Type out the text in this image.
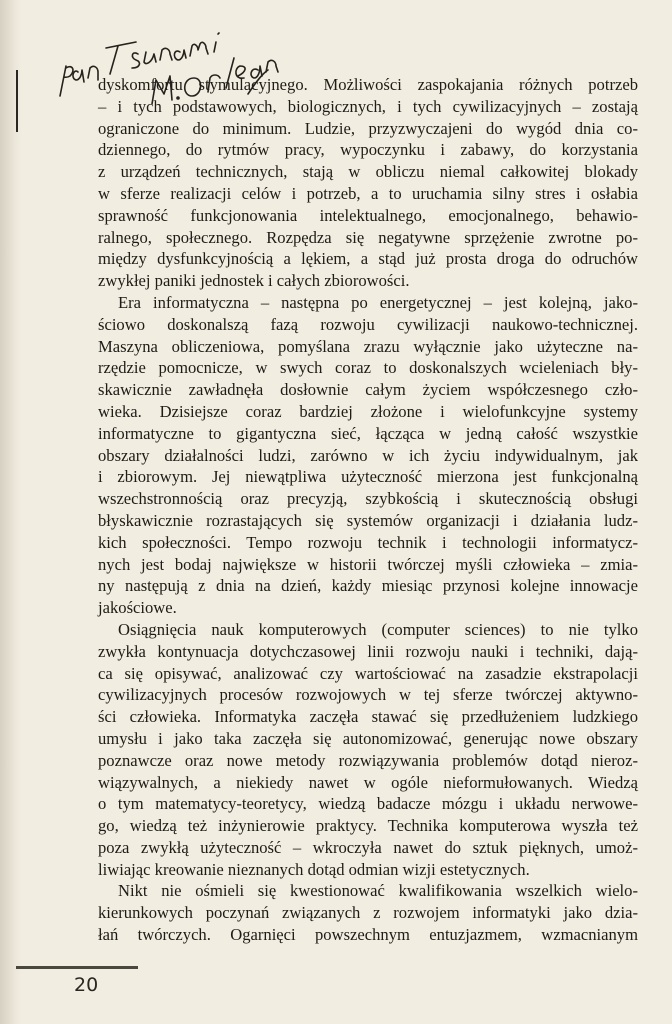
dyskomfortu stymulacyjnego. Możliwości zaspokajania różnych potrzeb
– i tych podstawowych, biologicznych, i tych cywilizacyjnych – zostają
ograniczone do minimum. Ludzie, przyzwyczajeni do wygód dnia co-
dziennego, do rytmów pracy, wypoczynku i zabawy, do korzystania
z urządzeń technicznych, stają w obliczu niemal całkowitej blokady
w sferze realizacji celów i potrzeb, a to uruchamia silny stres i osłabia
sprawność funkcjonowania intelektualnego, emocjonalnego, behawio-
ralnego, społecznego. Rozpędza się negatywne sprzężenie zwrotne po-
między dysfunkcyjnością a lękiem, a stąd już prosta droga do odruchów
zwykłej paniki jednostek i całych zbiorowości.
Era informatyczna – następna po energetycznej – jest kolejną, jako-
ściowo doskonalszą fazą rozwoju cywilizacji naukowo-technicznej.
Maszyna obliczeniowa, pomyślana zrazu wyłącznie jako użyteczne na-
rzędzie pomocnicze, w swych coraz to doskonalszych wcieleniach bły-
skawicznie zawładnęła dosłownie całym życiem współczesnego czło-
wieka. Dzisiejsze coraz bardziej złożone i wielofunkcyjne systemy
informatyczne to gigantyczna sieć, łącząca w jedną całość wszystkie
obszary działalności ludzi, zarówno w ich życiu indywidualnym, jak
i zbiorowym. Jej niewątpliwa użyteczność mierzona jest funkcjonalną
wszechstronnością oraz precyzją, szybkością i skutecznością obsługi
błyskawicznie rozrastających się systemów organizacji i działania ludz-
kich społeczności. Tempo rozwoju technik i technologii informatycz-
nych jest bodaj największe w historii twórczej myśli człowieka – zmia-
ny następują z dnia na dzień, każdy miesiąc przynosi kolejne innowacje
jakościowe.
Osiągnięcia nauk komputerowych (computer sciences) to nie tylko
zwykła kontynuacja dotychczasowej linii rozwoju nauki i techniki, dają-
ca się opisywać, analizować czy wartościować na zasadzie ekstrapolacji
cywilizacyjnych procesów rozwojowych w tej sferze twórczej aktywno-
ści człowieka. Informatyka zaczęła stawać się przedłużeniem ludzkiego
umysłu i jako taka zaczęła się autonomizować, generując nowe obszary
poznawcze oraz nowe metody rozwiązywania problemów dotąd nieroz-
wiązywalnych, a niekiedy nawet w ogóle nieformułowanych. Wiedzą
o tym matematycy-teoretycy, wiedzą badacze mózgu i układu nerwowe-
go, wiedzą też inżynierowie praktycy. Technika komputerowa wyszła też
poza zwykłą użyteczność – wkroczyła nawet do sztuk pięknych, umoż-
liwiając kreowanie nieznanych dotąd odmian wizji estetycznych.
Nikt nie ośmieli się kwestionować kwalifikowania wszelkich wielo-
kierunkowych poczynań związanych z rozwojem informatyki jako dzia-
łań twórczych. Ogarnięci powszechnym entuzjazmem, wzmacnianym
20
